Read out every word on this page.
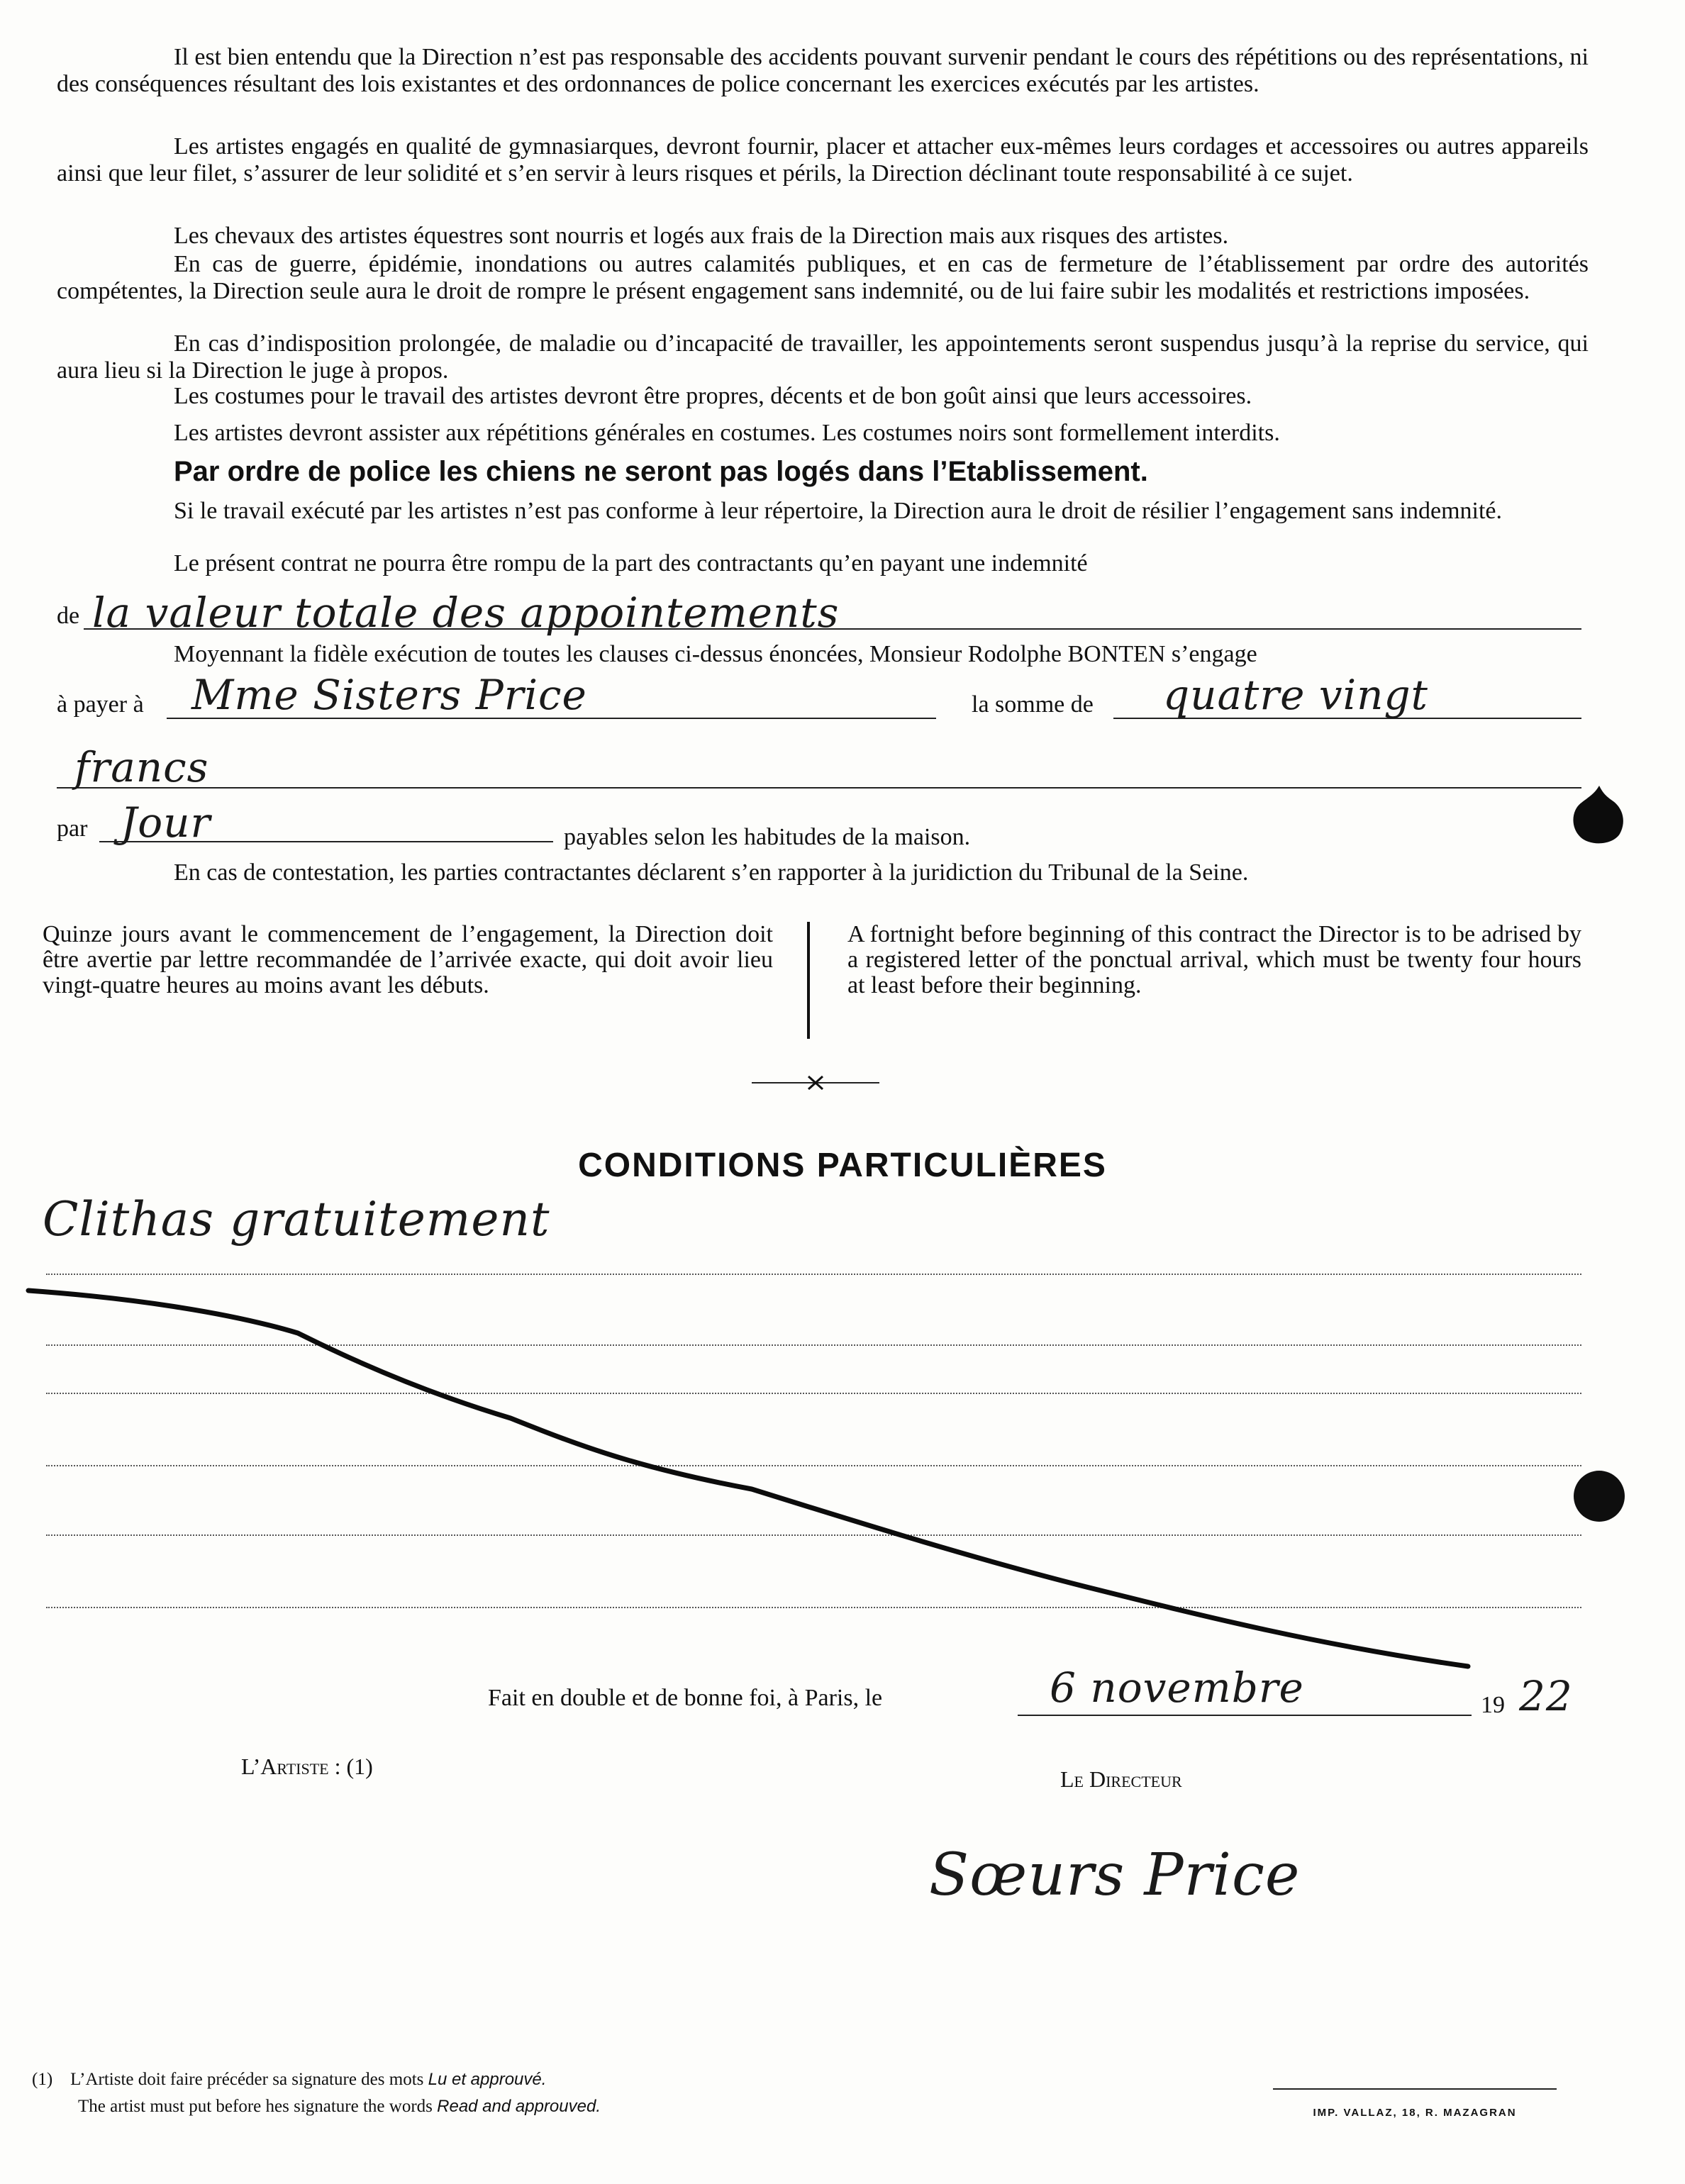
Il est bien entendu que la Direction n’est pas responsable des accidents pouvant survenir pendant le cours des répétitions ou des représentations, ni des conséquences résultant des lois existantes et des ordonnances de police concernant les exercices exécutés par les artistes.

Les artistes engagés en qualité de gymnasiarques, devront fournir, placer et attacher eux-mêmes leurs cordages et accessoires ou autres appareils ainsi que leur filet, s’assurer de leur solidité et s’en servir à leurs risques et périls, la Direction déclinant toute responsabilité à ce sujet.

Les chevaux des artistes équestres sont nourris et logés aux frais de la Direction mais aux risques des artistes.

En cas de guerre, épidémie, inondations ou autres calamités publiques, et en cas de fermeture de l’établissement par ordre des autorités compétentes, la Direction seule aura le droit de rompre le présent engagement sans indemnité, ou de lui faire subir les modalités et restrictions imposées.

En cas d’indisposition prolongée, de maladie ou d’incapacité de travailler, les appointements seront suspendus jusqu’à la reprise du service, qui aura lieu si la Direction le juge à propos.

Les costumes pour le travail des artistes devront être propres, décents et de bon goût ainsi que leurs accessoires.

Les artistes devront assister aux répétitions générales en costumes. Les costumes noirs sont formellement interdits.

Par ordre de police les chiens ne seront pas logés dans l’Etablissement.

Si le travail exécuté par les artistes n’est pas conforme à leur répertoire, la Direction aura le droit de résilier l’engagement sans indemnité.

Le présent contrat ne pourra être rompu de la part des contractants qu’en payant une indemnité

de la valeur totale des appointements
Moyennant la fidèle exécution de toutes les clauses ci-dessus énoncées, Monsieur Rodolphe BONTEN s’engage
à payer à Mme Sisters Price	la somme de quatre vingt
francs
par Jour	payables selon les habitudes de la maison.
En cas de contestation, les parties contractantes déclarent s’en rapporter à la juridiction du Tribunal de la Seine.
Quinze jours avant le commencement de l’engagement, la Direction doit être avertie par lettre recommandée de l’arrivée exacte, qui doit avoir lieu vingt-quatre heures au moins avant les débuts.
A fortnight before beginning of this contract the Director is to be adrised by a registered letter of the ponctual arrival, which must be twenty four hours at least before their beginning.
CONDITIONS PARTICULIÈRES
Clithas gratuitement
Fait en double et de bonne foi, à Paris, le	6 novembre	19 22
L’Artiste : (1)	Le Directeur
Sœurs Price
(1) L’Artiste doit faire précéder sa signature des mots Lu et approuvé.
The artist must put before hes signature the words Read and approuved.	IMP. VALLAZ, 18, R. MAZAGRAN
